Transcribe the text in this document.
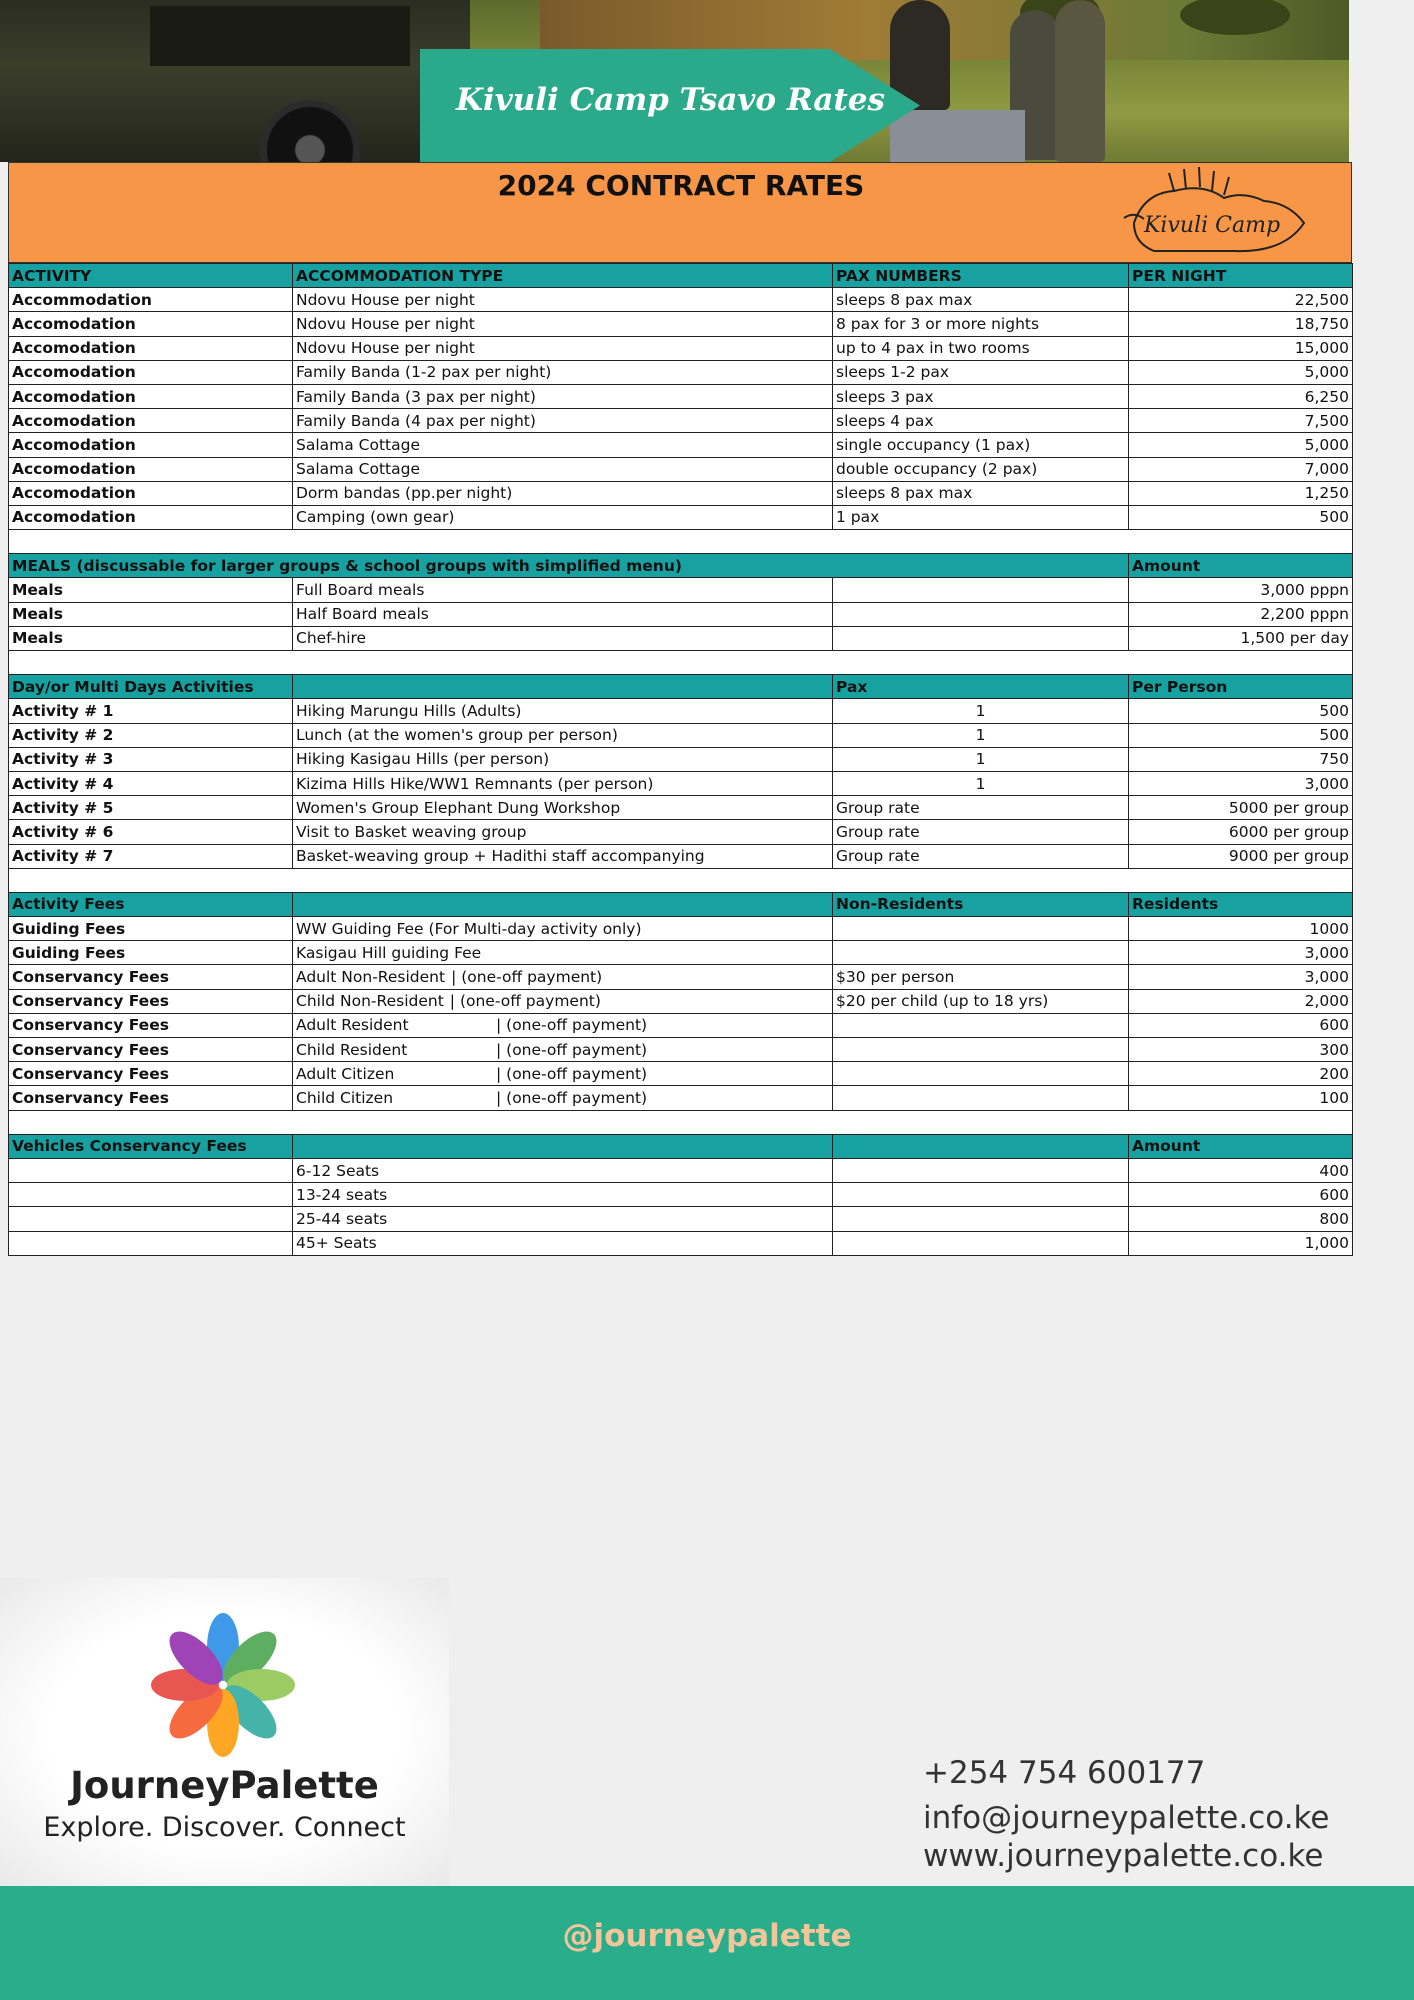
Kivuli Camp Tsavo Rates
2024 CONTRACT RATES
Kivuli Camp
ACTIVITY	ACCOMMODATION TYPE	PAX NUMBERS	PER NIGHT
Accommodation	Ndovu House per night	sleeps 8 pax max	22,500
Accomodation	Ndovu House per night	8 pax for 3 or more nights	18,750
Accomodation	Ndovu House per night	up to 4 pax in two rooms	15,000
Accomodation	Family Banda (1-2 pax per night)	sleeps 1-2 pax	5,000
Accomodation	Family Banda (3 pax per night)	sleeps 3 pax	6,250
Accomodation	Family Banda (4 pax per night)	sleeps 4 pax	7,500
Accomodation	Salama Cottage	single occupancy (1 pax)	5,000
Accomodation	Salama Cottage	double occupancy (2 pax)	7,000
Accomodation	Dorm bandas (pp.per night)	sleeps 8 pax max	1,250
Accomodation	Camping (own gear)	1 pax	500

MEALS (discussable for larger groups & school groups with simplified menu)			Amount
Meals	Full Board meals		3,000 pppn
Meals	Half Board meals		2,200 pppn
Meals	Chef-hire		1,500 per day

Day/or Multi Days Activities		Pax	Per Person
Activity # 1	Hiking Marungu Hills (Adults)	1	500
Activity # 2	Lunch (at the women's group per person)	1	500
Activity # 3	Hiking Kasigau Hills (per person)	1	750
Activity # 4	Kizima Hills Hike/WW1 Remnants (per person)	1	3,000
Activity # 5	Women's Group Elephant Dung Workshop	Group rate	5000 per group
Activity # 6	Visit to Basket weaving group	Group rate	6000 per group
Activity # 7	Basket-weaving group + Hadithi staff accompanying	Group rate	9000 per group

Activity Fees		Non-Residents	Residents
Guiding Fees	WW Guiding Fee (For Multi-day activity only)		1000
Guiding Fees	Kasigau Hill guiding Fee		3,000
Conservancy Fees	Adult Non-Resident | (one-off payment)	$30 per person	3,000
Conservancy Fees	Child Non-Resident | (one-off payment)	$20 per child (up to 18 yrs)	2,000
Conservancy Fees	Adult Resident | (one-off payment)		600
Conservancy Fees	Child Resident | (one-off payment)		300
Conservancy Fees	Adult Citizen | (one-off payment)		200
Conservancy Fees	Child Citizen | (one-off payment)		100

Vehicles Conservancy Fees			Amount
	6-12 Seats		400
	13-24 seats		600
	25-44 seats		800
	45+ Seats		1,000
JourneyPalette
Explore. Discover. Connect
+254 754 600177
info@journeypalette.co.ke
www.journeypalette.co.ke
@journeypalette
